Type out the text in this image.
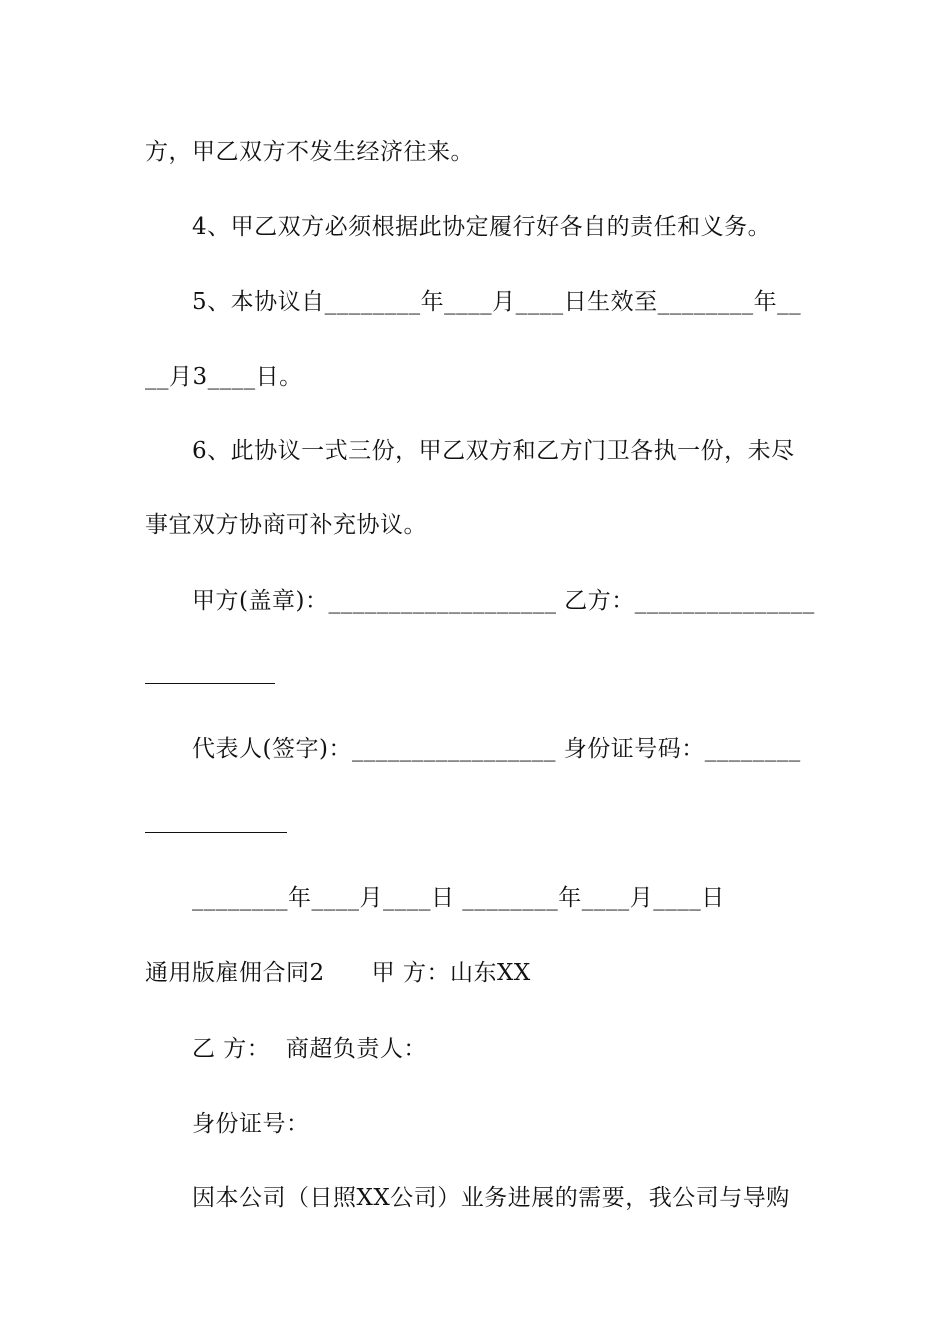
方，甲乙双方不发生经济往来。
4、甲乙双方必须根据此协定履行好各自的责任和义务。
5、本协议自________年____月____日生效至________年__
__月3____日。
6、此协议一式三份，甲乙双方和乙方门卫各执一份，未尽
事宜双方协商可补充协议。
甲方(盖章)：___________________ 乙方：_______________
代表人(签字)：_________________ 身份证号码：________
________年____月____日 ________年____月____日
通用版雇佣合同2　　甲 方：山东XX
乙 方：  商超负责人：
身份证号：
因本公司（日照XX公司）业务进展的需要，我公司与导购
